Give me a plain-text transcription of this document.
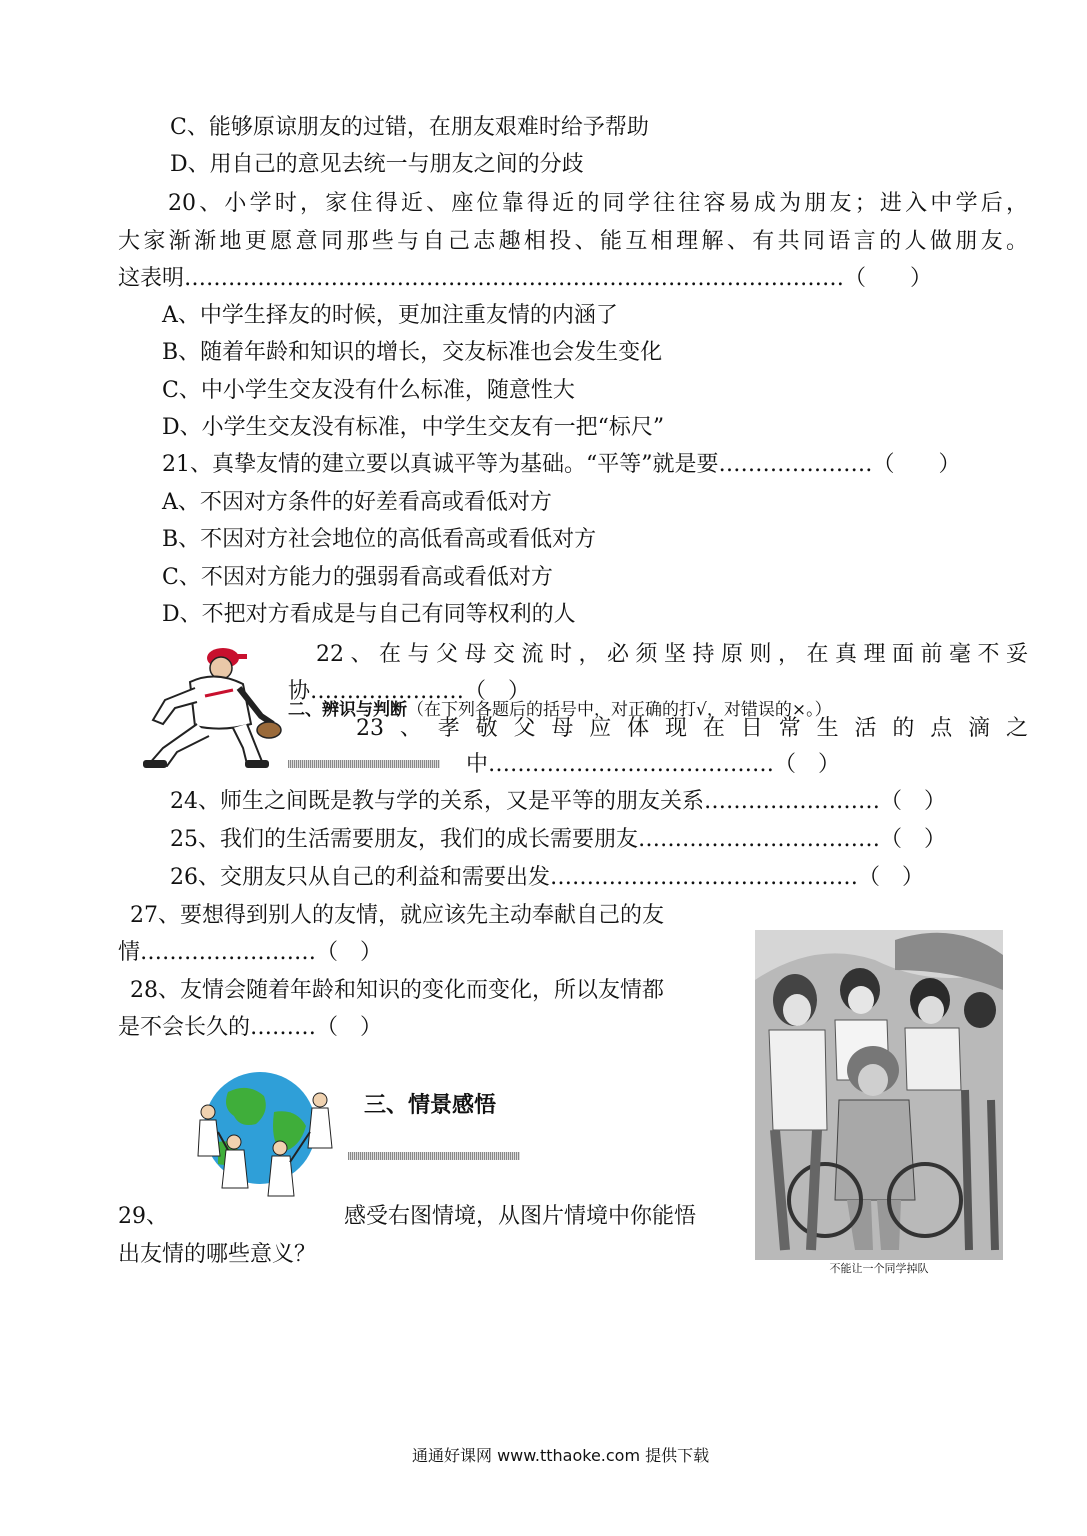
C、能够原谅朋友的过错，在朋友艰难时给予帮助
D、用自己的意见去统一与朋友之间的分歧
20、小学时，家住得近、座位靠得近的同学往往容易成为朋友；进入中学后，
大家渐渐地更愿意同那些与自己志趣相投、能互相理解、有共同语言的人做朋友。
这表明………………………………………………………………………………（　　）
A、中学生择友的时候，更加注重友情的内涵了
B、随着年龄和知识的增长，交友标准也会发生变化
C、中小学生交友没有什么标准，随意性大
D、小学生交友没有标准，中学生交友有一把“标尺”
21、真挚友情的建立要以真诚平等为基础。“平等”就是要…………………（　　）
A、不因对方条件的好差看高或看低对方
B、不因对方社会地位的高低看高或看低对方
C、不因对方能力的强弱看高或看低对方
D、不把对方看成是与自己有同等权利的人
22、在与父母交流时，必须坚持原则，在真理面前毫不妥
协…………………（　）
二、辨识与判断（在下列各题后的括号中，对正确的打√，对错误的×。）
23、孝敬父母应体现在日常生活的点滴之
中…………………………………（　）
24、师生之间既是教与学的关系，又是平等的朋友关系……………………（　）
25、我们的生活需要朋友，我们的成长需要朋友……………………………（　）
26、交朋友只从自己的利益和需要出发……………………………………（　）
27、要想得到别人的友情，就应该先主动奉献自己的友
情……………………（　）
28、友情会随着年龄和知识的变化而变化，所以友情都
是不会长久的………（　）
不能让一个同学掉队
三、情景感悟
29、	感受右图情境，从图片情境中你能悟
出友情的哪些意义？
通通好课网 www.tthaoke.com 提供下载
